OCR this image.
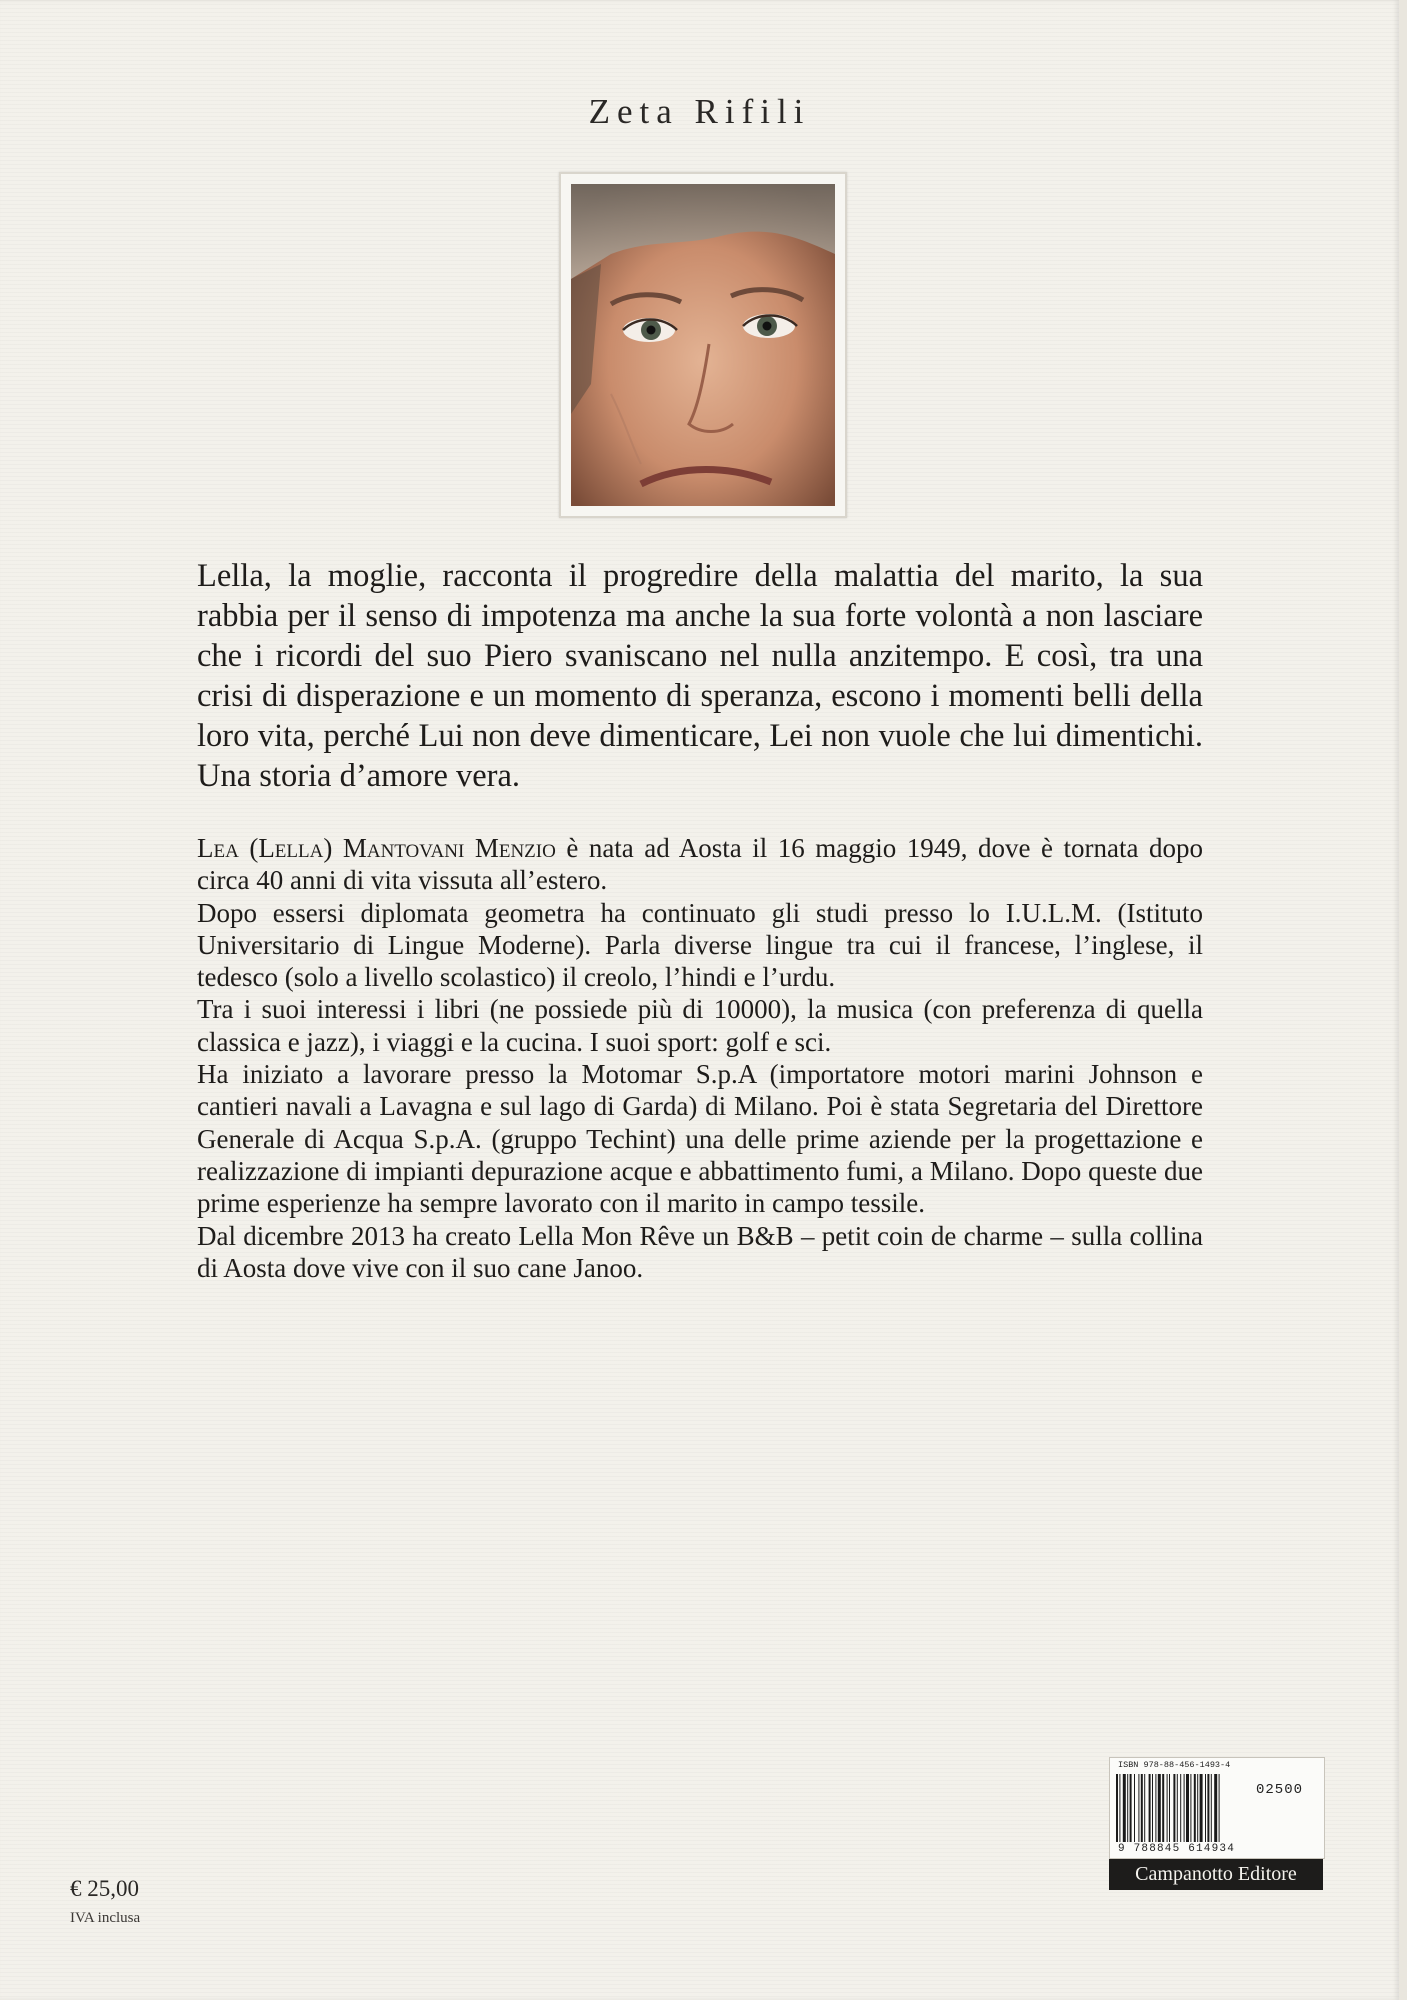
Zeta Rifili
Lella, la moglie, racconta il progredire della malattia del marito, la sua rabbia per il senso di impotenza ma anche la sua forte volontà a non lasciare che i ricordi del suo Piero svaniscano nel nulla anzitempo. E così, tra una crisi di disperazione e un momento di speranza, escono i momenti belli della loro vita, perché Lui non deve dimenticare, Lei non vuole che lui dimentichi. Una storia d’amore vera.

Lea (Lella) Mantovani Menzio è nata ad Aosta il 16 maggio 1949, dove è tornata dopo circa 40 anni di vita vissuta all’estero.

Dopo essersi diplomata geometra ha continuato gli studi presso lo I.U.L.M. (Istituto Universitario di Lingue Moderne). Parla diverse lingue tra cui il francese, l’inglese, il tedesco (solo a livello scolastico) il creolo, l’hindi e l’urdu.

Tra i suoi interessi i libri (ne possiede più di 10000), la musica (con preferenza di quella classica e jazz), i viaggi e la cucina. I suoi sport: golf e sci.

Ha iniziato a lavorare presso la Motomar S.p.A (importatore motori marini Johnson e cantieri navali a Lavagna e sul lago di Garda) di Milano. Poi è stata Segretaria del Direttore Generale di Acqua S.p.A. (gruppo Techint) una delle prime aziende per la progettazione e realizzazione di impianti depurazione acque e abbattimento fumi, a Milano. Dopo queste due prime esperienze ha sempre lavorato con il marito in campo tessile.

Dal dicembre 2013 ha creato Lella Mon Rêve un B&B – petit coin de charme – sulla collina di Aosta dove vive con il suo cane Janoo.

€ 25,00
IVA inclusa
ISBN 978-88-456-1493-4
02500
9 788845 614934
Campanotto Editore
